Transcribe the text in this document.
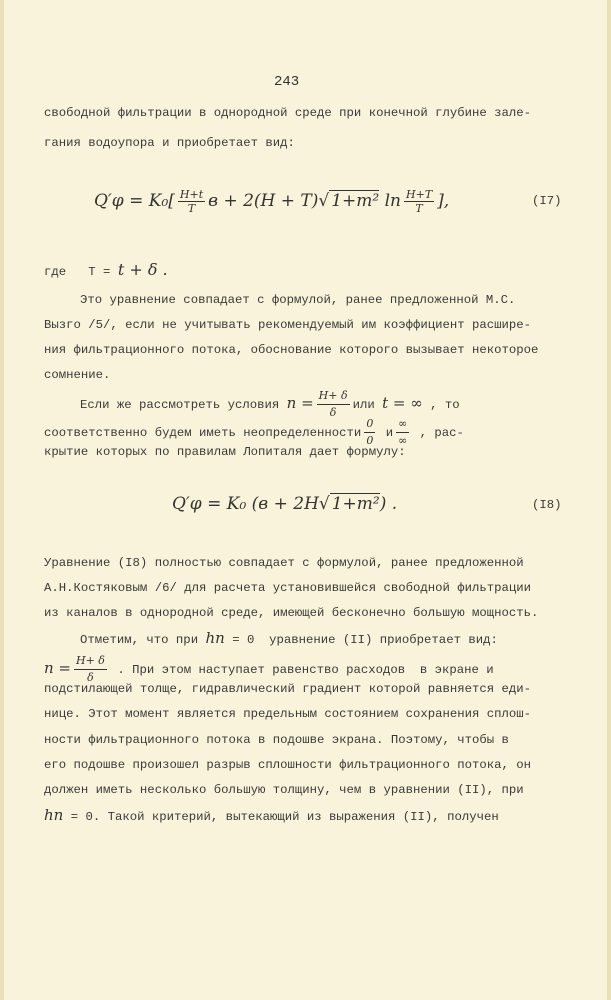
243
свободной фильтрации в однородной среде при конечной глубине зале-
гания водоупора и приобретает вид:
$Q'\varphi = K_0[ \frac{H+t}{T}$ в + 2(H + T)√ 1+m² $\ln \frac{H+T}{T}$ ],	(I7)
где T = t + δ .
Это уравнение совпадает с формулой, ранее предложенной М.С.
Вызго /5/, если не учитывать рекомендуемый им коэффициент расшире-
ния фильтрационного потока, обоснование которого вызывает некоторое
сомнение.
Если же рассмотреть условия $n = \frac{H+ \delta}{\delta}$ или t = ∞ , то
соответственно будем иметь неопределенности $\frac{0}{0}$ и $\frac{\infty}{\infty}$ , рас-
крытие которых по правилам Лопиталя дает формулу:
Q′φ = K₀ (в + 2H√ 1+m²) .	(I8)
Уравнение (I8) полностью совпадает с формулой, ранее предложенной
А.Н.Костяковым /6/ для расчета установившейся свободной фильтрации
из каналов в однородной среде, имеющей бесконечно большую мощность.
Отметим, что при hп = 0  уравнение (II) приобретает вид:
$n = \frac{H+ \delta}{\delta}$ . При этом наступает равенство расходов  в экране и
подстилающей толще, гидравлический градиент которой равняется еди-
нице. Этот момент является предельным состоянием сохранения сплош-
ности фильтрационного потока в подошве экрана. Поэтому, чтобы в
его подошве произошел разрыв сплошности фильтрационного потока, он
должен иметь несколько большую толщину, чем в уравнении (II), при
hп = 0. Такой критерий, вытекающий из выражения (II), получен
